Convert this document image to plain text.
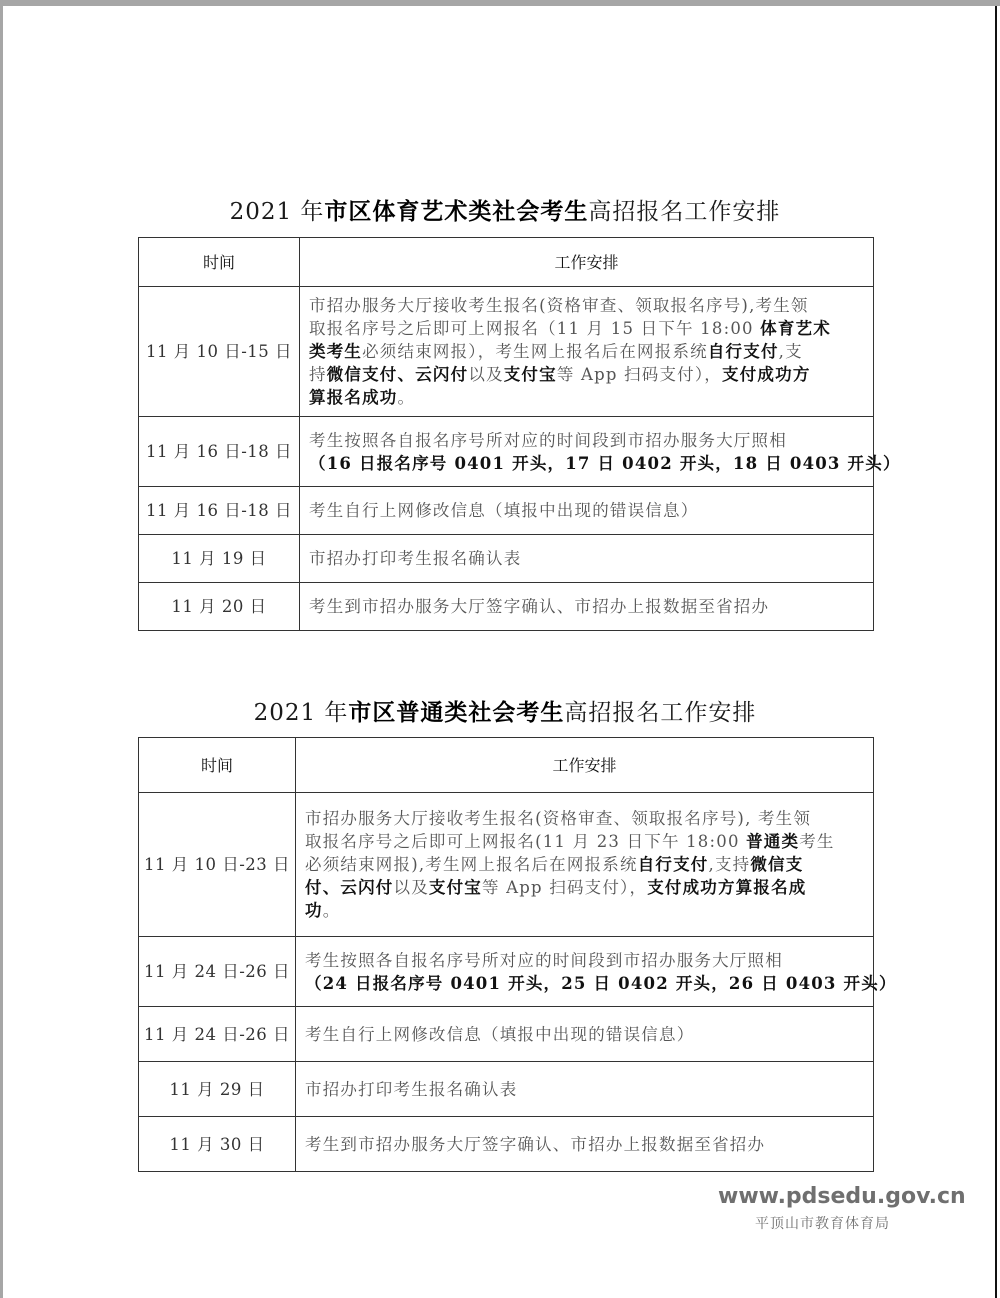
2021 年市区体育艺术类社会考生高招报名工作安排
时间	工作安排
11 月 10 日-15 日	市招办服务大厅接收考生报名(资格审查、领取报名序号),考生领
取报名序号之后即可上网报名（11 月 15 日下午 18:00 体育艺术
类考生必须结束网报），考生网上报名后在网报系统自行支付,支
持微信支付、云闪付以及支付宝等 App 扫码支付），支付成功方
算报名成功。

11 月 16 日-18 日	考生按照各自报名序号所对应的时间段到市招办服务大厅照相
（16 日报名序号 0401 开头，17 日 0402 开头，18 日 0403 开头）

11 月 16 日-18 日	考生自行上网修改信息（填报中出现的错误信息）

11 月 19 日	市招办打印考生报名确认表

11 月 20 日	考生到市招办服务大厅签字确认、市招办上报数据至省招办
2021 年市区普通类社会考生高招报名工作安排
时间	工作安排
11 月 10 日-23 日	市招办服务大厅接收考生报名(资格审查、领取报名序号), 考生领
取报名序号之后即可上网报名(11 月 23 日下午 18:00 普通类考生
必须结束网报),考生网上报名后在网报系统自行支付,支持微信支
付、云闪付以及支付宝等 App 扫码支付），支付成功方算报名成
功。

11 月 24 日-26 日	考生按照各自报名序号所对应的时间段到市招办服务大厅照相
（24 日报名序号 0401 开头，25 日 0402 开头，26 日 0403 开头）

11 月 24 日-26 日	考生自行上网修改信息（填报中出现的错误信息）

11 月 29 日	市招办打印考生报名确认表

11 月 30 日	考生到市招办服务大厅签字确认、市招办上报数据至省招办
www.pdsedu.gov.cn
平顶山市教育体育局
